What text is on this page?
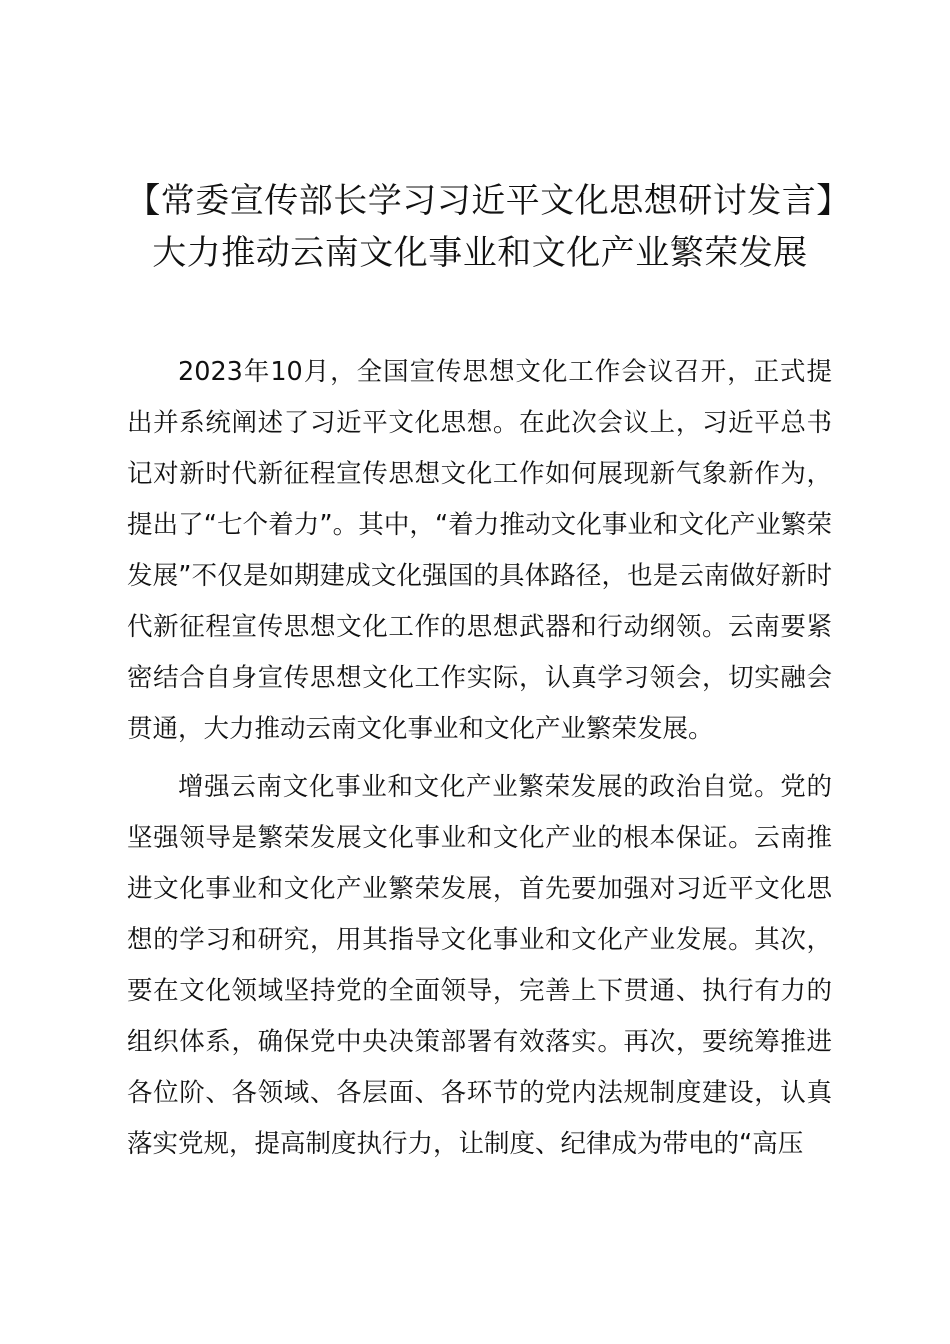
【常委宣传部长学习习近平文化思想研讨发言】大力推动云南文化事业和文化产业繁荣发展

2023年10月，全国宣传思想文化工作会议召开，正式提出并系统阐述了习近平文化思想。在此次会议上，习近平总书记对新时代新征程宣传思想文化工作如何展现新气象新作为，提出了“七个着力”。其中，“着力推动文化事业和文化产业繁荣发展”不仅是如期建成文化强国的具体路径，也是云南做好新时代新征程宣传思想文化工作的思想武器和行动纲领。云南要紧密结合自身宣传思想文化工作实际，认真学习领会，切实融会贯通，大力推动云南文化事业和文化产业繁荣发展。

增强云南文化事业和文化产业繁荣发展的政治自觉。党的坚强领导是繁荣发展文化事业和文化产业的根本保证。云南推进文化事业和文化产业繁荣发展，首先要加强对习近平文化思想的学习和研究，用其指导文化事业和文化产业发展。其次，要在文化领域坚持党的全面领导，完善上下贯通、执行有力的组织体系，确保党中央决策部署有效落实。再次，要统筹推进各位阶、各领域、各层面、各环节的党内法规制度建设，认真落实党规，提高制度执行力，让制度、纪律成为带电的“高压
